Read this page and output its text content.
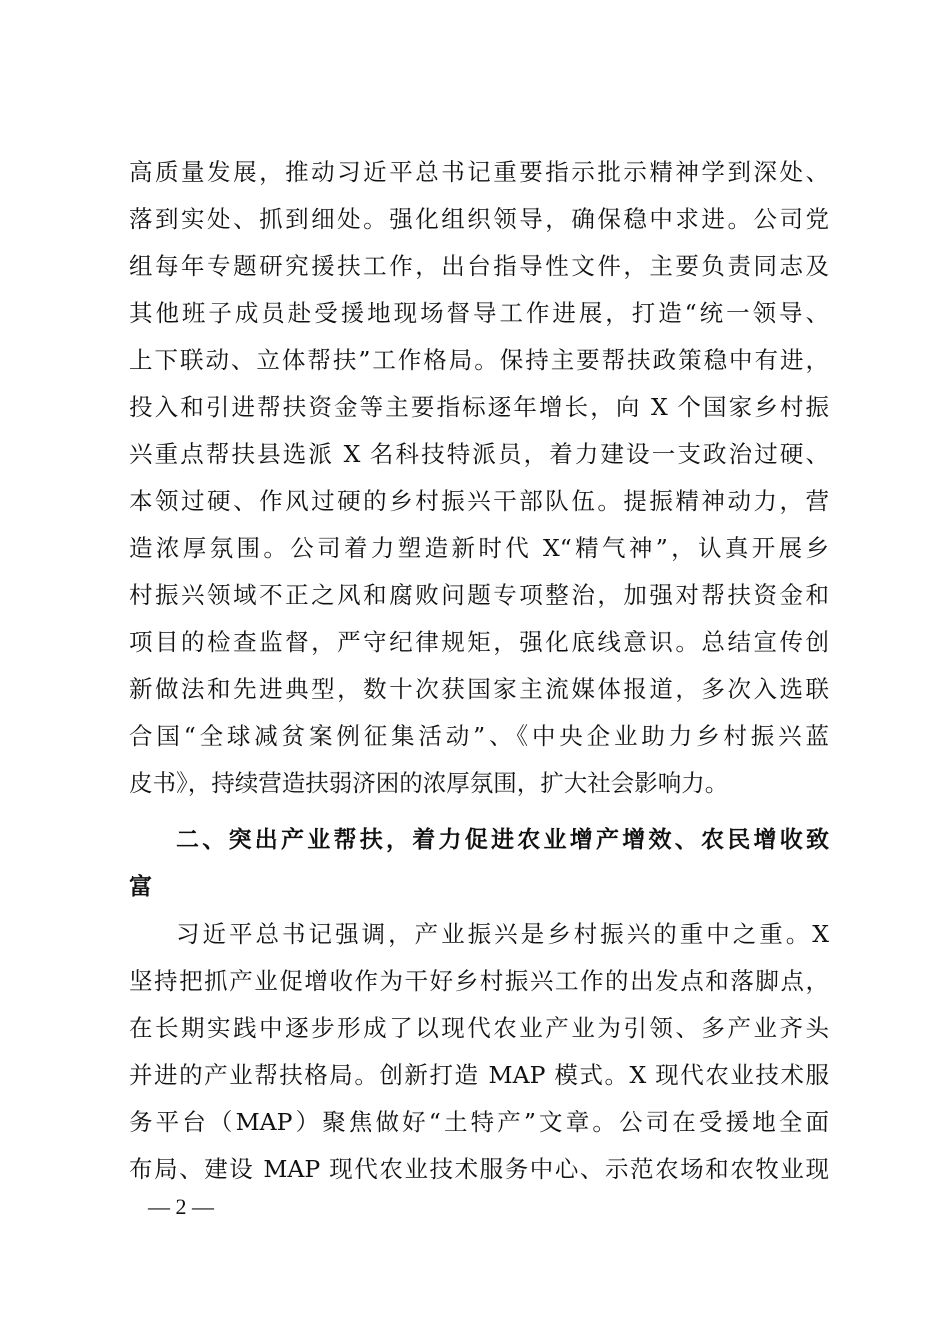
高质量发展，推动习近平总书记重要指示批示精神学到深处、
落到实处、抓到细处。强化组织领导，确保稳中求进。公司党
组每年专题研究援扶工作，出台指导性文件，主要负责同志及
其他班子成员赴受援地现场督导工作进展，打造“统一领导、
上下联动、立体帮扶”工作格局。保持主要帮扶政策稳中有进，
投入和引进帮扶资金等主要指标逐年增长，向 X 个国家乡村振
兴重点帮扶县选派 X 名科技特派员，着力建设一支政治过硬、
本领过硬、作风过硬的乡村振兴干部队伍。提振精神动力，营
造浓厚氛围。公司着力塑造新时代 X“精气神”，认真开展乡
村振兴领域不正之风和腐败问题专项整治，加强对帮扶资金和
项目的检查监督，严守纪律规矩，强化底线意识。总结宣传创
新做法和先进典型，数十次获国家主流媒体报道，多次入选联
合国“全球减贫案例征集活动”、《中央企业助力乡村振兴蓝
皮书》，持续营造扶弱济困的浓厚氛围，扩大社会影响力。
二、突出产业帮扶，着力促进农业增产增效、农民增收致
富
习近平总书记强调，产业振兴是乡村振兴的重中之重。X
坚持把抓产业促增收作为干好乡村振兴工作的出发点和落脚点，
在长期实践中逐步形成了以现代农业产业为引领、多产业齐头
并进的产业帮扶格局。创新打造 MAP 模式。X 现代农业技术服
务平台（MAP）聚焦做好“土特产”文章。公司在受援地全面
布局、建设 MAP 现代农业技术服务中心、示范农场和农牧业现
— 2 —
